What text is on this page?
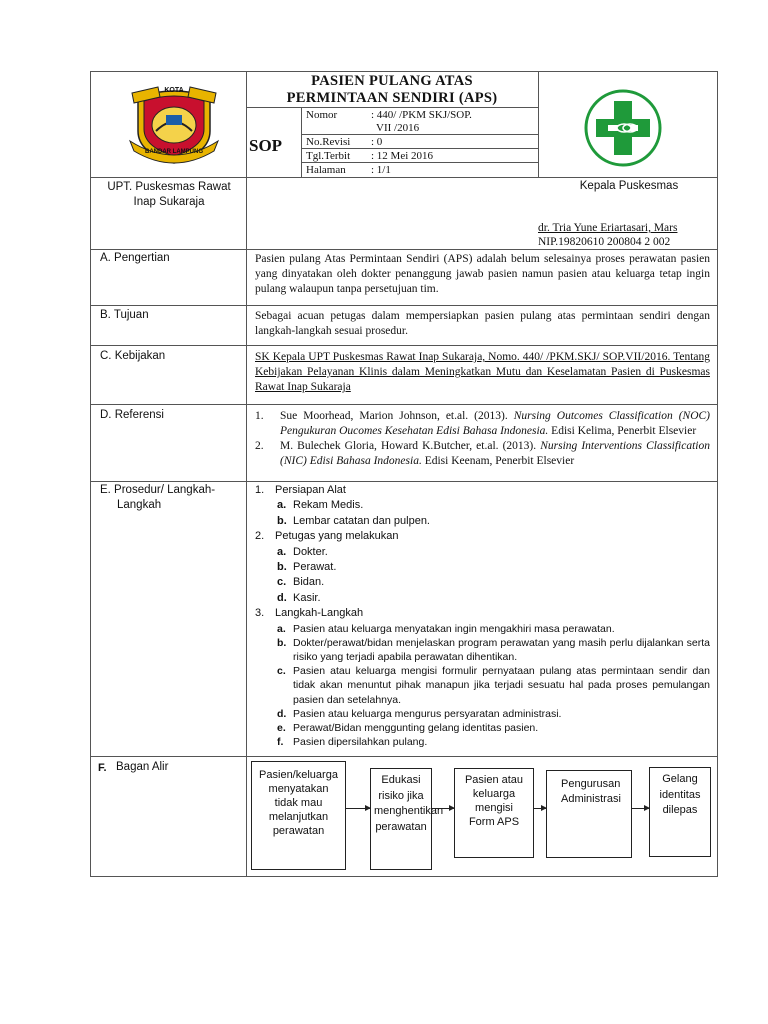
KOTA
BANDAR LAMPUNG
PASIEN PULANG ATAS
PERMINTAAN SENDIRI (APS)
SOP
Nomor	: 440/ /PKM SKJ/SOP.
VII /2016
No.Revisi : 0
Tgl.Terbit : 12 Mei 2016
Halaman : 1/1
UPT. Puskesmas Rawat
Inap Sukaraja
Kepala Puskesmas
dr. Tria Yune Eriartasari, Mars
NIP.19820610 200804 2 002
A. Pengertian	Pasien pulang Atas Permintaan Sendiri (APS) adalah belum selesainya proses perawatan pasien yang dinyatakan oleh dokter penanggung jawab pasien namun pasien atau keluarga tetap ingin pulang walaupun tanpa persetujuan tim.
B. Tujuan	Sebagai acuan petugas dalam mempersiapkan pasien pulang atas permintaan sendiri dengan langkah-langkah sesuai prosedur.
C. Kebijakan	SK Kepala UPT Puskesmas Rawat Inap Sukaraja, Nomo. 440/ /PKM.SKJ/ SOP.VII/2016. Tentang Kebijakan Pelayanan Klinis dalam Meningkatkan Mutu dan Keselamatan Pasien di Puskesmas Rawat Inap Sukaraja
D. Referensi	1. Sue Moorhead, Marion Johnson, et.al. (2013). Nursing Outcomes Classification (NOC) Pengukuran Oucomes Kesehatan Edisi Bahasa Indonesia. Edisi Kelima, Penerbit Elsevier
2. M. Bulechek Gloria, Howard K.Butcher, et.al. (2013). Nursing Interventions Classification (NIC) Edisi Bahasa Indonesia. Edisi Keenam, Penerbit Elsevier
E. Prosedur/ Langkah-
Langkah
1. Persiapan Alat
a. Rekam Medis.
b. Lembar catatan dan pulpen.
2. Petugas yang melakukan
a. Dokter.
b. Perawat.
c. Bidan.
d. Kasir.
3. Langkah-Langkah
a. Pasien atau keluarga menyatakan ingin mengakhiri masa perawatan.
b. Dokter/perawat/bidan menjelaskan program perawatan yang masih perlu dijalankan serta risiko yang terjadi apabila perawatan dihentikan.
c. Pasien atau keluarga mengisi formulir pernyataan pulang atas permintaan sendir dan tidak akan menuntut pihak manapun jika terjadi sesuatu hal pada proses pemulangan pasien dan setelahnya.
d. Pasien atau keluarga mengurus persyaratan administrasi.
e. Perawat/Bidan menggunting gelang identitas pasien.
f. Pasien dipersilahkan pulang.
F. Bagan Alir
Pasien/keluarga menyatakan tidak mau melanjutkan perawatan
Edukasi risiko jika menghentikan perawatan
Pasien atau keluarga mengisi Form APS
Pengurusan Administrasi
Gelang identitas dilepas
